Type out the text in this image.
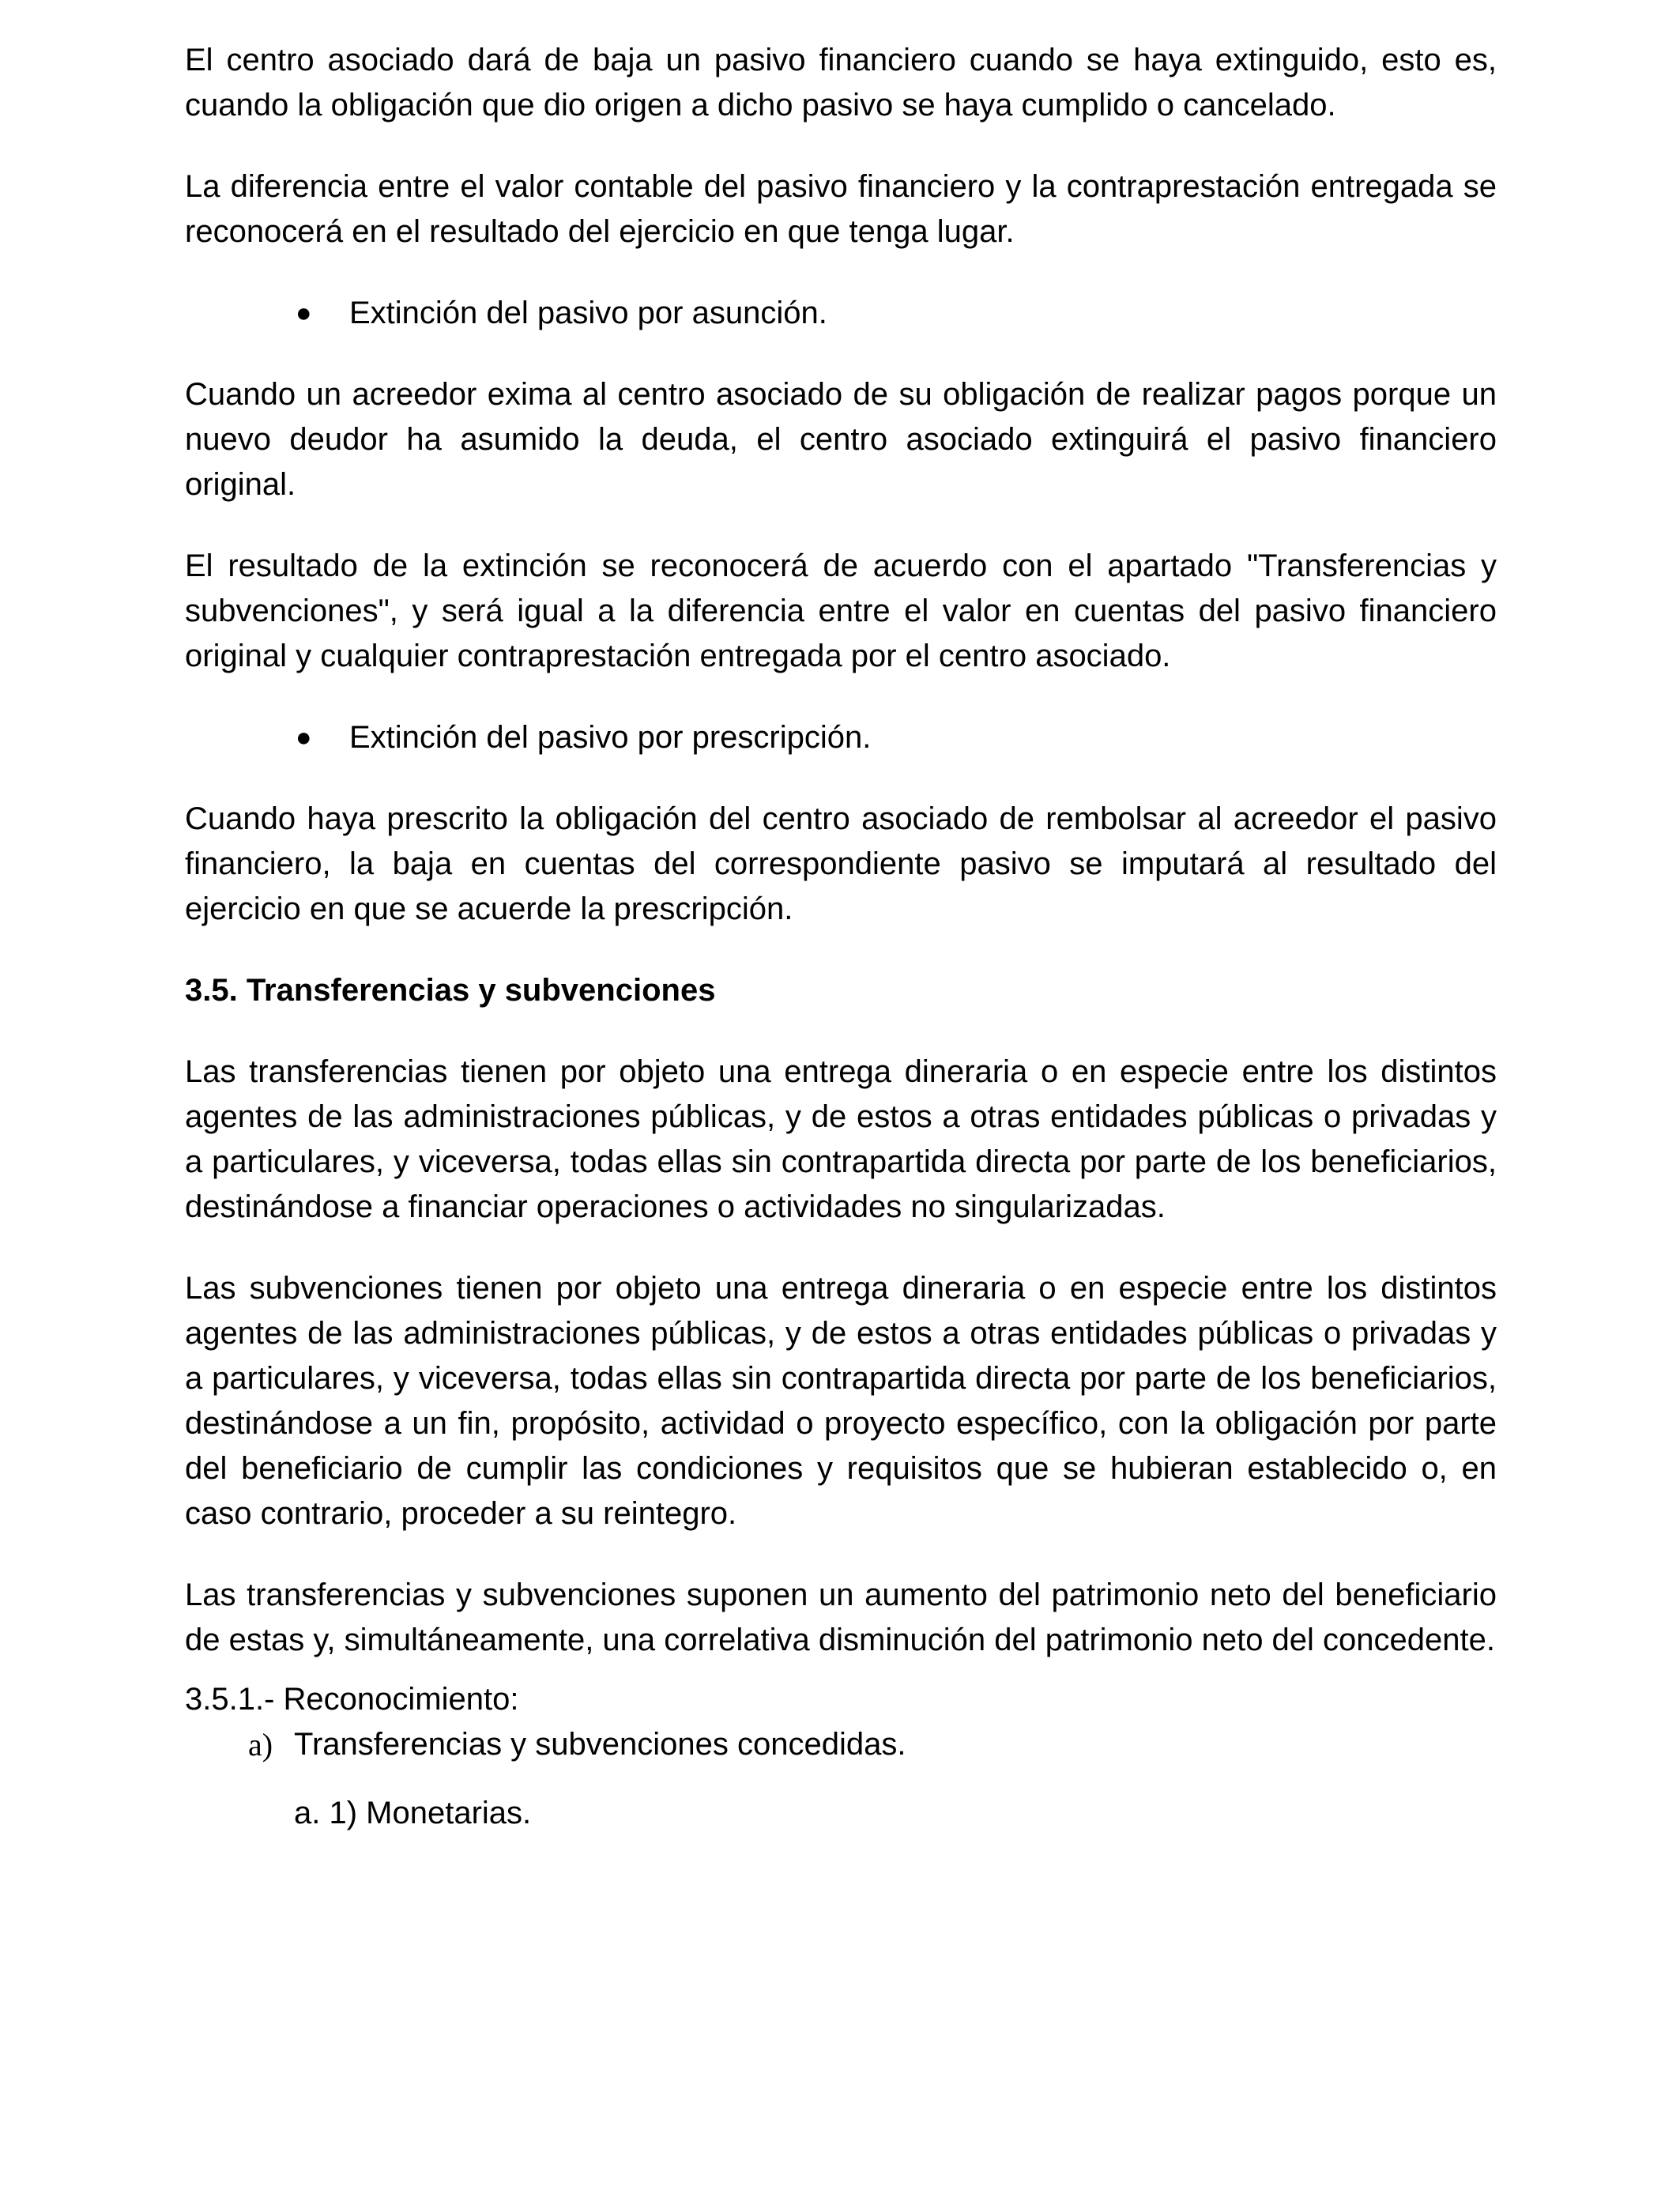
El centro asociado dará de baja un pasivo financiero cuando se haya extinguido, esto es, cuando la obligación que dio origen a dicho pasivo se haya cumplido o cancelado.

La diferencia entre el valor contable del pasivo financiero y la contraprestación entregada se reconocerá en el resultado del ejercicio en que tenga lugar.

● Extinción del pasivo por asunción.

Cuando un acreedor exima al centro asociado de su obligación de realizar pagos porque un nuevo deudor ha asumido la deuda, el centro asociado extinguirá el pasivo financiero original.

El resultado de la extinción se reconocerá de acuerdo con el apartado "Transferencias y subvenciones", y será igual a la diferencia entre el valor en cuentas del pasivo financiero original y cualquier contraprestación entregada por el centro asociado.

● Extinción del pasivo por prescripción.

Cuando haya prescrito la obligación del centro asociado de rembolsar al acreedor el pasivo financiero, la baja en cuentas del correspondiente pasivo se imputará al resultado del ejercicio en que se acuerde la prescripción.

3.5. Transferencias y subvenciones

Las transferencias tienen por objeto una entrega dineraria o en especie entre los distintos agentes de las administraciones públicas, y de estos a otras entidades públicas o privadas y a particulares, y viceversa, todas ellas sin contrapartida directa por parte de los beneficiarios, destinándose a financiar operaciones o actividades no singularizadas.

Las subvenciones tienen por objeto una entrega dineraria o en especie entre los distintos agentes de las administraciones públicas, y de estos a otras entidades públicas o privadas y a particulares, y viceversa, todas ellas sin contrapartida directa por parte de los beneficiarios, destinándose a un fin, propósito, actividad o proyecto específico, con la obligación por parte del beneficiario de cumplir las condiciones y requisitos que se hubieran establecido o, en caso contrario, proceder a su reintegro.

Las transferencias y subvenciones suponen un aumento del patrimonio neto del beneficiario de estas y, simultáneamente, una correlativa disminución del patrimonio neto del concedente.

3.5.1.- Reconocimiento:
a) Transferencias y subvenciones concedidas.
a. 1) Monetarias.
